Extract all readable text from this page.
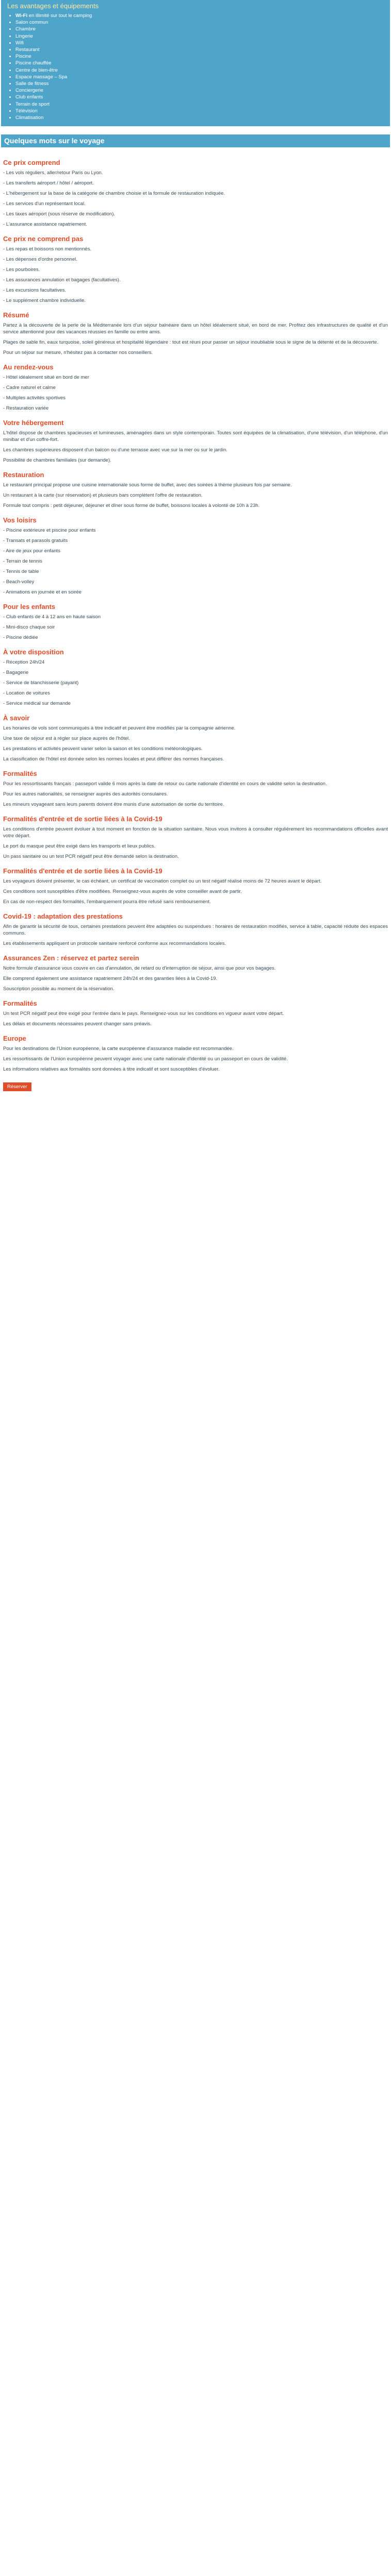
Les avantages et équipements
• Wi-Fi en illimité sur tout le camping
• Salon commun
• Chambre
• Lingerie
• Wifi
• Restaurant
• Piscine
• Piscine chauffée
• Centre de bien-être
• Espace massage – Spa
• Salle de fitness
• Conciergerie
• Club enfants
• Terrain de sport
• Télévision
• Climatisation
Quelques mots sur le voyage
Ce prix comprend

- Les vols réguliers, aller/retour Paris ou Lyon.

- Les transferts aéroport / hôtel / aéroport.

- L'hébergement sur la base de la catégorie de chambre choisie et la formule de restauration indiquée.

- Les services d'un représentant local.

- Les taxes aéroport (sous réserve de modification).

- L'assurance assistance rapatriement.

Ce prix ne comprend pas

- Les repas et boissons non mentionnés.

- Les dépenses d'ordre personnel.

- Les pourboires.

- Les assurances annulation et bagages (facultatives).

- Les excursions facultatives.

- Le supplément chambre individuelle.

Résumé

Partez à la découverte de la perle de la Méditerranée lors d'un séjour balnéaire dans un hôtel idéalement situé, en bord de mer. Profitez des infrastructures de qualité et d'un service attentionné pour des vacances réussies en famille ou entre amis.

Plages de sable fin, eaux turquoise, soleil généreux et hospitalité légendaire : tout est réuni pour passer un séjour inoubliable sous le signe de la détente et de la découverte.

Pour un séjour sur mesure, n'hésitez pas à contacter nos conseillers.

Au rendez-vous

- Hôtel idéalement situé en bord de mer

- Cadre naturel et calme

- Multiples activités sportives

- Restauration variée

Votre hébergement

L'hôtel dispose de chambres spacieuses et lumineuses, aménagées dans un style contemporain. Toutes sont équipées de la climatisation, d'une télévision, d'un téléphone, d'un minibar et d'un coffre-fort.

Les chambres supérieures disposent d'un balcon ou d'une terrasse avec vue sur la mer ou sur le jardin.

Possibilité de chambres familiales (sur demande).

Restauration

Le restaurant principal propose une cuisine internationale sous forme de buffet, avec des soirées à thème plusieurs fois par semaine.

Un restaurant à la carte (sur réservation) et plusieurs bars complètent l'offre de restauration.

Formule tout compris : petit déjeuner, déjeuner et dîner sous forme de buffet, boissons locales à volonté de 10h à 23h.

Vos loisirs

- Piscine extérieure et piscine pour enfants

- Transats et parasols gratuits

- Aire de jeux pour enfants

- Terrain de tennis

- Tennis de table

- Beach-volley

- Animations en journée et en soirée

Pour les enfants

- Club enfants de 4 à 12 ans en haute saison

- Mini-disco chaque soir

- Piscine dédiée

À votre disposition

- Réception 24h/24

- Bagagerie

- Service de blanchisserie (payant)

- Location de voitures

- Service médical sur demande

À savoir

Les horaires de vols sont communiqués à titre indicatif et peuvent être modifiés par la compagnie aérienne.

Une taxe de séjour est à régler sur place auprès de l'hôtel.

Les prestations et activités peuvent varier selon la saison et les conditions météorologiques.

La classification de l'hôtel est donnée selon les normes locales et peut différer des normes françaises.

Formalités

Pour les ressortissants français : passeport valide 6 mois après la date de retour ou carte nationale d'identité en cours de validité selon la destination.

Pour les autres nationalités, se renseigner auprès des autorités consulaires.

Les mineurs voyageant sans leurs parents doivent être munis d'une autorisation de sortie du territoire.

Formalités d'entrée et de sortie liées à la Covid-19

Les conditions d'entrée peuvent évoluer à tout moment en fonction de la situation sanitaire. Nous vous invitons à consulter régulièrement les recommandations officielles avant votre départ.

Le port du masque peut être exigé dans les transports et lieux publics.

Un pass sanitaire ou un test PCR négatif peut être demandé selon la destination.

Formalités d'entrée et de sortie liées à la Covid-19

Les voyageurs doivent présenter, le cas échéant, un certificat de vaccination complet ou un test négatif réalisé moins de 72 heures avant le départ.

Ces conditions sont susceptibles d'être modifiées. Renseignez-vous auprès de votre conseiller avant de partir.

En cas de non-respect des formalités, l'embarquement pourra être refusé sans remboursement.

Covid-19 : adaptation des prestations

Afin de garantir la sécurité de tous, certaines prestations peuvent être adaptées ou suspendues : horaires de restauration modifiés, service à table, capacité réduite des espaces communs.

Les établissements appliquent un protocole sanitaire renforcé conforme aux recommandations locales.

Assurances Zen : réservez et partez serein

Notre formule d'assurance vous couvre en cas d'annulation, de retard ou d'interruption de séjour, ainsi que pour vos bagages.

Elle comprend également une assistance rapatriement 24h/24 et des garanties liées à la Covid-19.

Souscription possible au moment de la réservation.

Formalités

Un test PCR négatif peut être exigé pour l'entrée dans le pays. Renseignez-vous sur les conditions en vigueur avant votre départ.

Les délais et documents nécessaires peuvent changer sans préavis.

Europe

Pour les destinations de l'Union européenne, la carte européenne d'assurance maladie est recommandée.

Les ressortissants de l'Union européenne peuvent voyager avec une carte nationale d'identité ou un passeport en cours de validité.

Les informations relatives aux formalités sont données à titre indicatif et sont susceptibles d'évoluer.

Réserver
